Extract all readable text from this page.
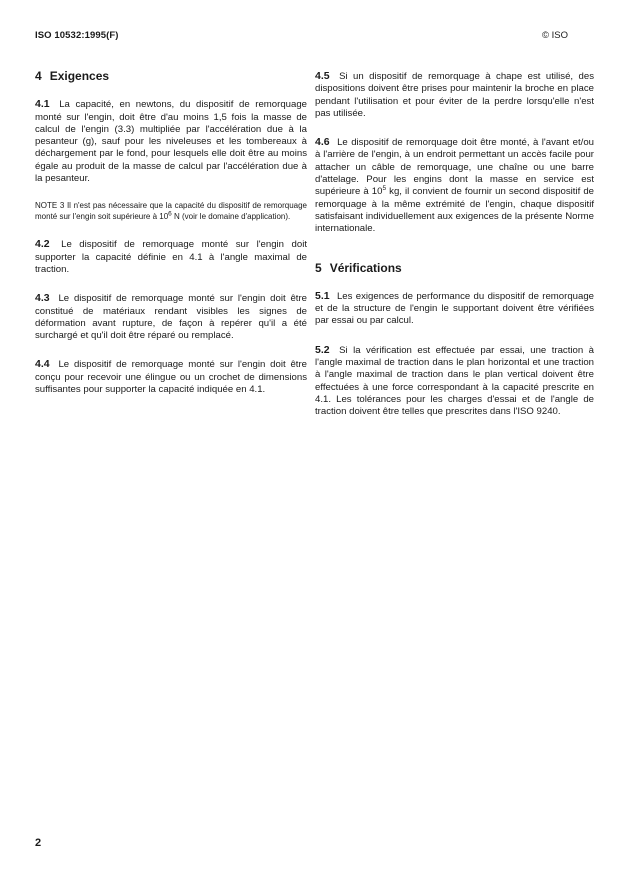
ISO 10532:1995(F)	© ISO
4 Exigences

4.1 La capacité, en newtons, du dispositif de remorquage monté sur l'engin, doit être d'au moins 1,5 fois la masse de calcul de l'engin (3.3) multipliée par l'accélération due à la pesanteur (g), sauf pour les niveleuses et les tombereaux à déchargement par le fond, pour lesquels elle doit être au moins égale au produit de la masse de calcul par l'accélération due à la pesanteur.

NOTE 3 Il n'est pas nécessaire que la capacité du dispositif de remorquage monté sur l'engin soit supérieure à $10^6$ N (voir le domaine d'application).

4.2 Le dispositif de remorquage monté sur l'engin doit supporter la capacité définie en 4.1 à l'angle maximal de traction.

4.3 Le dispositif de remorquage monté sur l'engin doit être constitué de matériaux rendant visibles les signes de déformation avant rupture, de façon à repérer qu'il a été surchargé et qu'il doit être réparé ou remplacé.

4.4 Le dispositif de remorquage monté sur l'engin doit être conçu pour recevoir une élingue ou un crochet de dimensions suffisantes pour supporter la capacité indiquée en 4.1.

4.5 Si un dispositif de remorquage à chape est utilisé, des dispositions doivent être prises pour maintenir la broche en place pendant l'utilisation et pour éviter de la perdre lorsqu'elle n'est pas utilisée.

4.6 Le dispositif de remorquage doit être monté, à l'avant et/ou à l'arrière de l'engin, à un endroit permettant un accès facile pour attacher un câble de remorquage, une chaîne ou une barre d'attelage. Pour les engins dont la masse en service est supérieure à $10^5$ kg, il convient de fournir un second dispositif de remorquage à la même extrémité de l'engin, chaque dispositif satisfaisant individuellement aux exigences de la présente Norme internationale.

5 Vérifications

5.1 Les exigences de performance du dispositif de remorquage et de la structure de l'engin le supportant doivent être vérifiées par essai ou par calcul.

5.2 Si la vérification est effectuée par essai, une traction à l'angle maximal de traction dans le plan horizontal et une traction à l'angle maximal de traction dans le plan vertical doivent être effectuées à une force correspondant à la capacité prescrite en 4.1. Les tolérances pour les charges d'essai et de l'angle de traction doivent être telles que prescrites dans l'ISO 9240.

2
